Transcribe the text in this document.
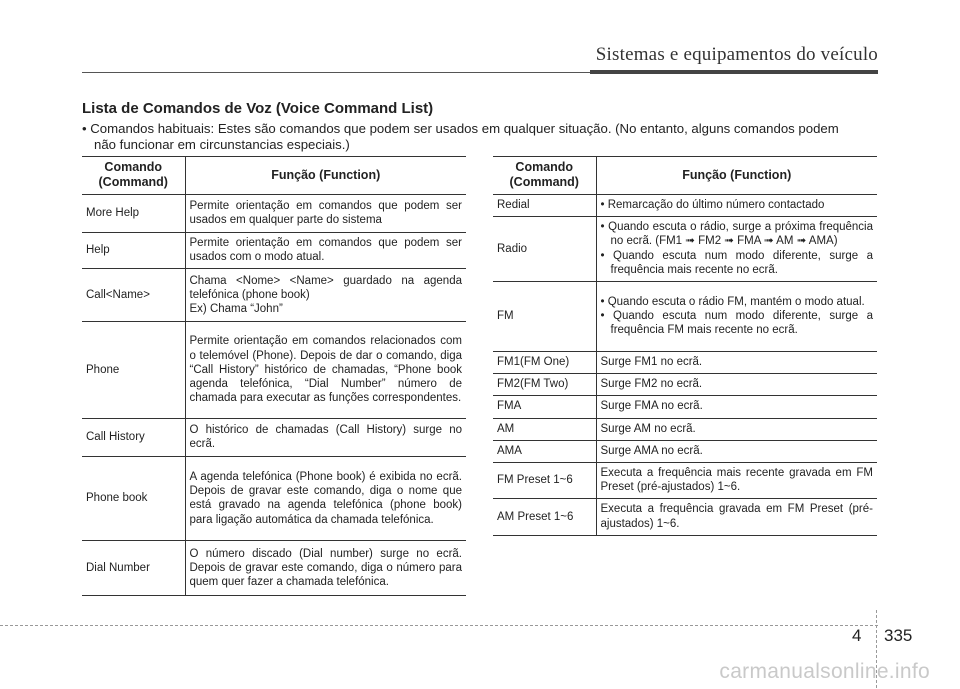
Sistemas e equipamentos do veículo
Lista de Comandos de Voz (Voice Command List)
• Comandos habituais: Estes são comandos que podem ser usados em qualquer situação. (No entanto, alguns comandos podem
não funcionar em circunstancias especiais.)
Comando
(Command)	Função (Function)
More Help	Permite orientação em comandos que podem ser usados em qualquer parte do sistema
Help	Permite orientação em comandos que podem ser usados com o modo atual.
Call<Name>	Chama <Nome> <Name> guardado na agenda telefónica (phone book)
Ex) Chama “John”

Phone	Permite orientação em comandos relacionados com o telemóvel (Phone). Depois de dar o comando, diga “Call History” histórico de chamadas, “Phone book agenda telefónica, “Dial Number” número de chamada para executar as funções correspondentes.
Call History	O histórico de chamadas (Call History) surge no ecrã.
Phone book	A agenda telefónica (Phone book) é exibida no ecrã. Depois de gravar este comando, diga o nome que está gravado na agenda telefónica (phone book) para ligação automática da chamada telefónica.
Dial Number	O número discado (Dial number) surge no ecrã. Depois de gravar este comando, diga o número para quem quer fazer a chamada telefónica.
Comando
(Command)	Função (Function)
Redial	• Remarcação do último número contactado
Radio	• Quando escuta o rádio, surge a próxima frequência no ecrã. (FM1 ➟ FM2 ➟ FMA ➟ AM ➟ AMA)
• Quando escuta num modo diferente, surge a frequência mais recente no ecrã.

FM	• Quando escuta o rádio FM, mantém o modo atual.
• Quando escuta num modo diferente, surge a frequência FM mais recente no ecrã.

FM1(FM One)	Surge FM1 no ecrã.
FM2(FM Two)	Surge FM2 no ecrã.
FMA	Surge FMA no ecrã.
AM	Surge AM no ecrã.
AMA	Surge AMA no ecrã.
FM Preset 1~6	Executa a frequência mais recente gravada em FM Preset (pré-ajustados) 1~6.
AM Preset 1~6	Executa a frequência gravada em FM Preset (pré-ajustados) 1~6.
4 335
carmanualsonline.info
